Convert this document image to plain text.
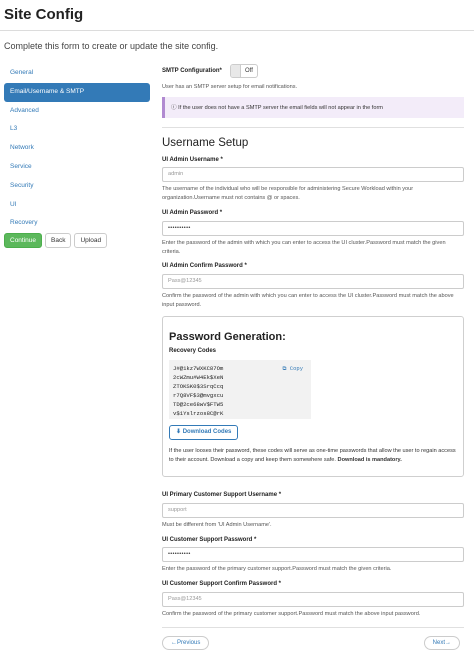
Site Config
Complete this form to create or update the site config.
General
Email/Username & SMTP
Advanced
L3
Network
Service
Security
UI
Recovery
Continue	Back	Upload
SMTP Configuration*	Off
User has an SMTP server setup for email notifications.
ⓘ If the user does not have a SMTP server the email fields will not appear in the form
Username Setup
UI Admin Username *
admin
The username of the individual who will be responsible for administering Secure Workload within your organization.Username must not contains @ or spaces.
UI Admin Password *
••••••••••
Enter the password of the admin with which you can enter to access the UI cluster.Password must match the given criteria.
UI Admin Confirm Password *
Pass@12345
Confirm the password of the admin with which you can enter to access the UI cluster.Password must match the above input password.
Password Generation:
Recovery Codes
J#@1kz7WXKC87Om
2cWZmu#W4Ek$XeN
ZTOKSK0$3SrqCcq
r7Q8VF$3@mvgxcu
TD@2ce68wV$FTW5
v$1Yslrzos8C@rK
⧉ Copy
⬇ Download Codes
If the user looses their password, these codes will serve as one-time passwords that allow the user to regain access to their account. Download a copy and keep them somewhere safe. Download is mandatory.
UI Primary Customer Support Username *
support
Must be different from 'UI Admin Username'.
UI Customer Support Password *
••••••••••
Enter the password of the primary customer support.Password must match the given criteria.
UI Customer Support Confirm Password *
Pass@12345
Confirm the password of the primary customer support.Password must match the above input password.
←Previous	Next→
